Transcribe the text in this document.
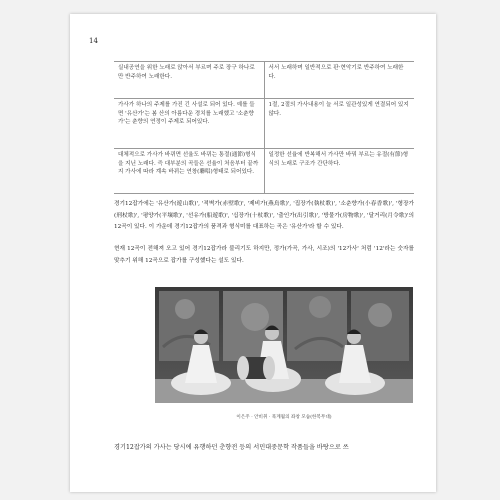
14
실내공연을 위한 노래로 앉아서 부르며 주로 장구 하나로만 반주하여 노래한다.	서서 노래하며 일반적으로 판·현악기로 반주하여 노래한다.
가사가 하나의 주제를 가진 긴 사설로 되어 있다. 예를 들면 '유산가'는 봄 산의 아름다운 경치를 노래했고 '소춘향가'는 춘향의 연정이 주제로 되어있다.	1절, 2절의 가사내용이 늘 서로 일관성있게 연결되어 있지 않다.
대체적으로 가사가 바뀌면 선율도 바뀌는 통절(通節)형식을 지닌 노래다. 즉 대부분의 곡들은 선율이 처음부터 끝까지 가사에 따라 계속 바뀌는 연창(聯唱)형태로 되어있다.	일정한 선율에 반복해서 가사만 바꿔 부르는 유절(有節)형식의 노래로 구조가 간단하다.

경기12잡가에는 '유산가(遊山歌)', '적벽가(赤壁歌)', '제비가(燕鳥歌)', '집장가(執杖歌)', '소춘향가(小春香歌)', '형장가(刑杖歌)', '평양가(平壤歌)', '선유가(船遊歌)', '십장가(十杖歌)', '출인가(出引歌)', '방물가(房物歌)', '달거리(月令歌)'의 12곡이 있다. 이 가운데 경기12잡가의 품격과 형식미를 대표하는 곡은 '유산가'라 할 수 있다.

현재 12곡이 전해져 오고 있어 경기12잡가라 불리기도 하지만, 정가(가곡, 가사, 시조)의 '12가사' 처럼 '12'라는 숫자를 맞추기 위해 12곡으로 잡가를 구성했다는 설도 있다.

이은주 · 안비취 · 묵계월의 좌창 모습(한복무대)

경기12잡가의 가사는 당시에 유행하던 춘향전 등의 서민대중문학 작품들을 바탕으로 쓰
